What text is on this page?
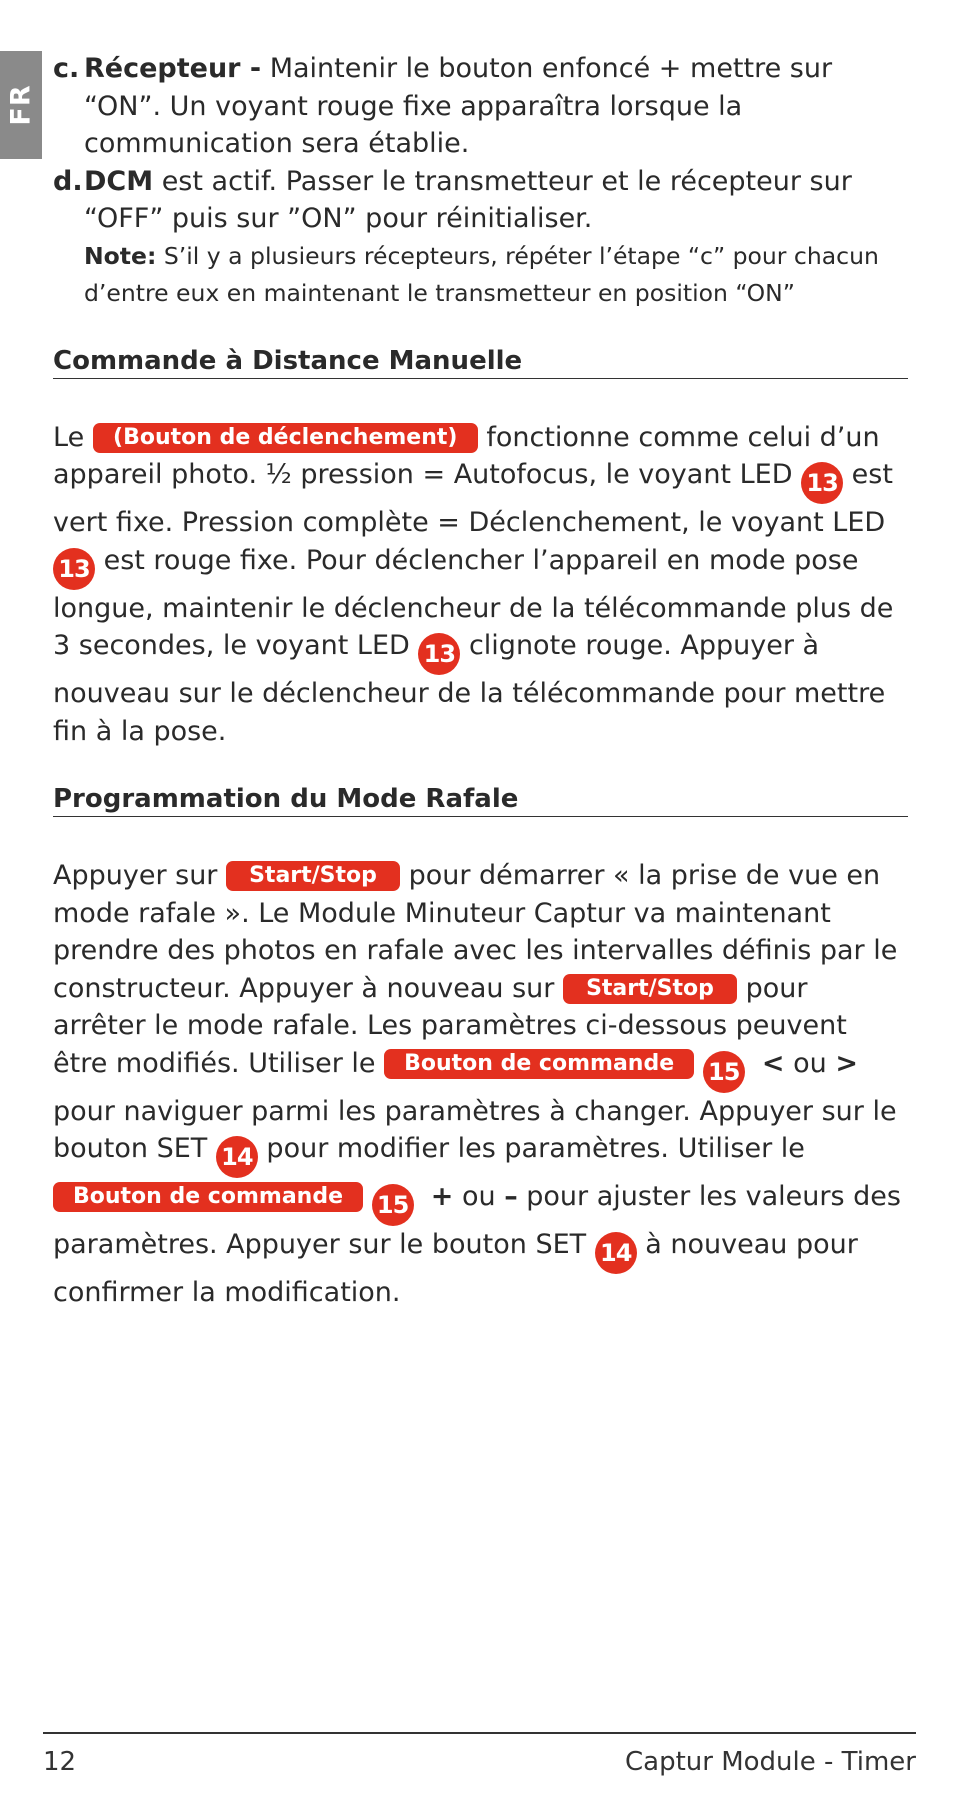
FR
c. Récepteur - Maintenir le bouton enfoncé + mettre sur “ON”. Un voyant rouge fixe apparaîtra lorsque la communication sera établie.
d. DCM est actif. Passer le transmetteur et le récepteur sur “OFF” puis sur ”ON” pour réinitialiser.
Note: S’il y a plusieurs récepteurs, répéter l’étape “c” pour chacun d’entre eux en maintenant le transmetteur en position “ON”
Commande à Distance Manuelle
Le (Bouton de déclenchement) fonctionne comme celui d’un appareil photo. ½ pression = Autofocus, le voyant LED 13 est vert fixe. Pression complète = Déclenchement, le voyant LED 13 est rouge fixe. Pour déclencher l’appareil en mode pose longue, maintenir le déclencheur de la télécommande plus de 3 secondes, le voyant LED 13 clignote rouge. Appuyer à nouveau sur le déclencheur de la télécommande pour mettre fin à la pose.
Programmation du Mode Rafale
Appuyer sur Start/Stop pour démarrer « la prise de vue en mode rafale ». Le Module Minuteur Captur va maintenant prendre des photos en rafale avec les intervalles définis par le constructeur. Appuyer à nouveau sur Start/Stop pour arrêter le mode rafale. Les paramètres ci-dessous peuvent être modifiés. Utiliser le Bouton de commande 15 < ou > pour naviguer parmi les paramètres à changer. Appuyer sur le bouton SET 14 pour modifier les paramètres. Utiliser le Bouton de commande 15 + ou – pour ajuster les valeurs des paramètres. Appuyer sur le bouton SET 14 à nouveau pour confirmer la modification.
12	Captur Module - Timer
